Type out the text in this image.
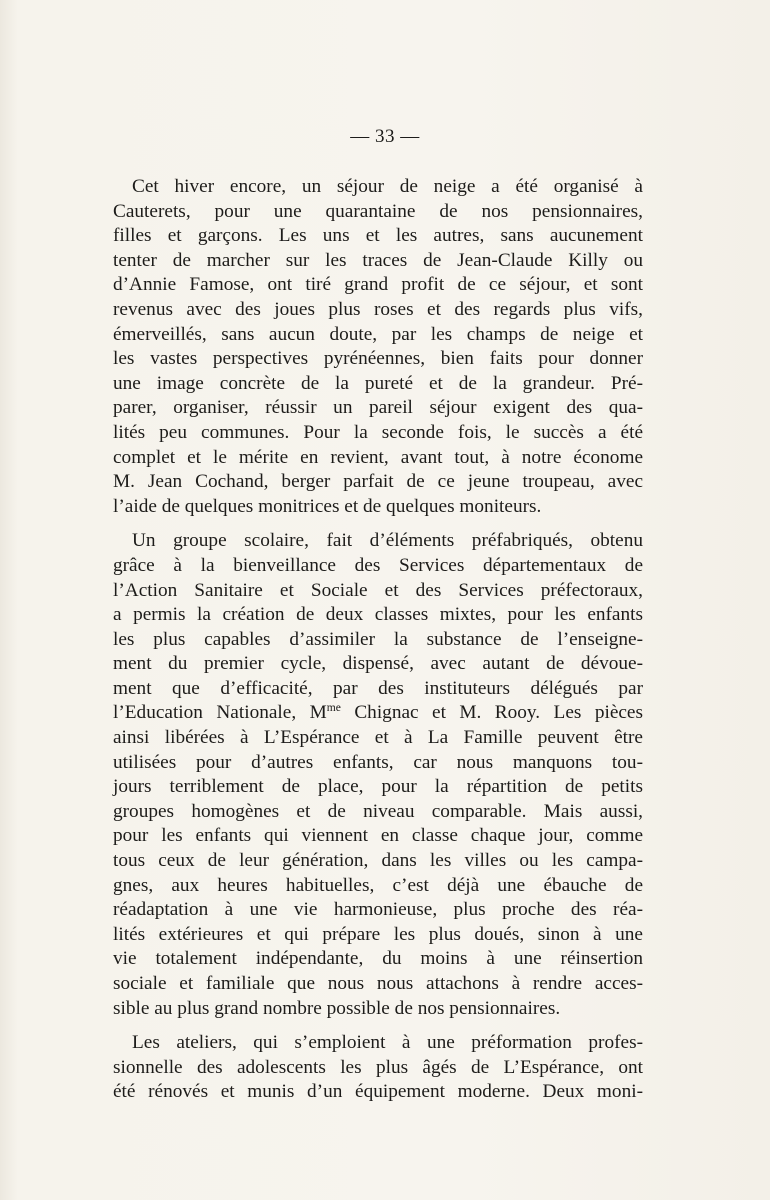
— 33 —
Cet hiver encore, un séjour de neige a été organisé à
Cauterets, pour une quarantaine de nos pensionnaires,
filles et garçons. Les uns et les autres, sans aucunement
tenter de marcher sur les traces de Jean-Claude Killy ou
d’Annie Famose, ont tiré grand profit de ce séjour, et sont
revenus avec des joues plus roses et des regards plus vifs,
émerveillés, sans aucun doute, par les champs de neige et
les vastes perspectives pyrénéennes, bien faits pour donner
une image concrète de la pureté et de la grandeur. Pré-
parer, organiser, réussir un pareil séjour exigent des qua-
lités peu communes. Pour la seconde fois, le succès a été
complet et le mérite en revient, avant tout, à notre économe
M. Jean Cochand, berger parfait de ce jeune troupeau, avec
l’aide de quelques monitrices et de quelques moniteurs.
Un groupe scolaire, fait d’éléments préfabriqués, obtenu
grâce à la bienveillance des Services départementaux de
l’Action Sanitaire et Sociale et des Services préfectoraux,
a permis la création de deux classes mixtes, pour les enfants
les plus capables d’assimiler la substance de l’enseigne-
ment du premier cycle, dispensé, avec autant de dévoue-
ment que d’efficacité, par des instituteurs délégués par
l’Education Nationale, $M^{me}$ Chignac et M. Rooy. Les pièces
ainsi libérées à L’Espérance et à La Famille peuvent être
utilisées pour d’autres enfants, car nous manquons tou-
jours terriblement de place, pour la répartition de petits
groupes homogènes et de niveau comparable. Mais aussi,
pour les enfants qui viennent en classe chaque jour, comme
tous ceux de leur génération, dans les villes ou les campa-
gnes, aux heures habituelles, c’est déjà une ébauche de
réadaptation à une vie harmonieuse, plus proche des réa-
lités extérieures et qui prépare les plus doués, sinon à une
vie totalement indépendante, du moins à une réinsertion
sociale et familiale que nous nous attachons à rendre acces-
sible au plus grand nombre possible de nos pensionnaires.
Les ateliers, qui s’emploient à une préformation profes-
sionnelle des adolescents les plus âgés de L’Espérance, ont
été rénovés et munis d’un équipement moderne. Deux moni-
